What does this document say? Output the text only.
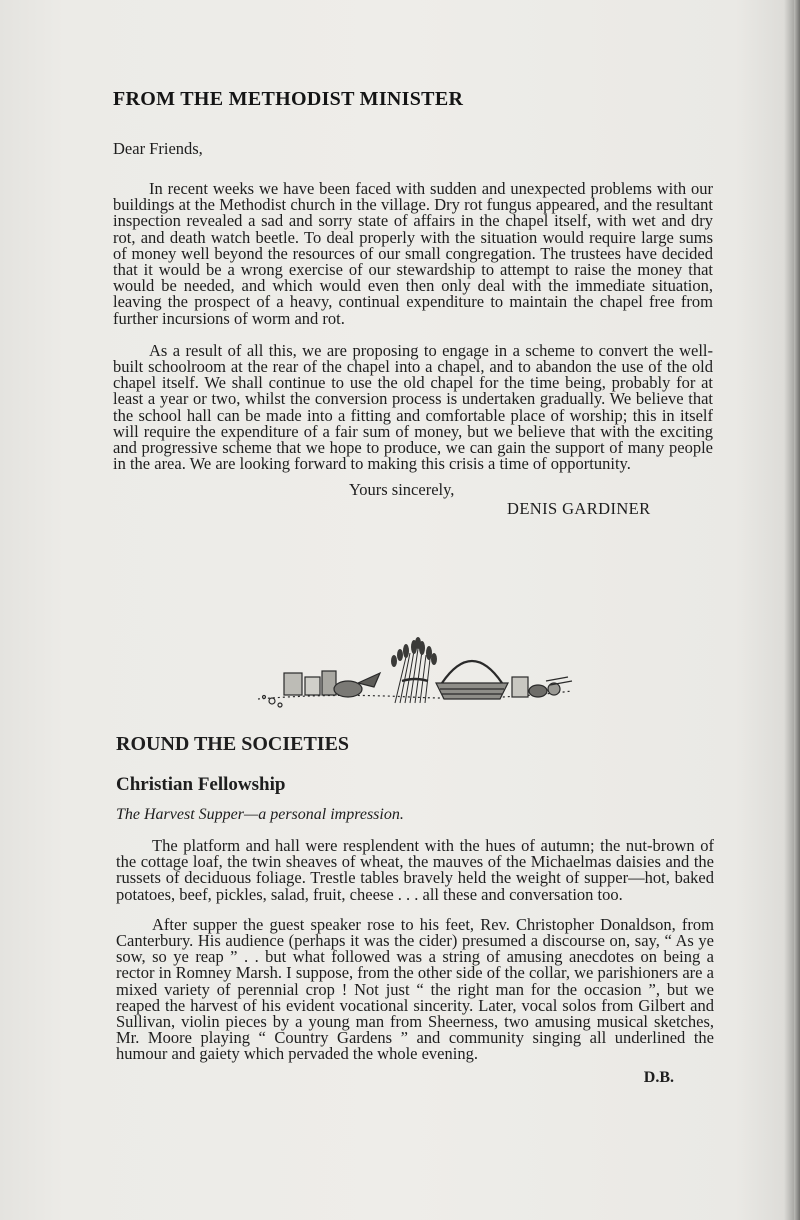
FROM THE METHODIST MINISTER
Dear Friends,

In recent weeks we have been faced with sudden and unexpected problems with our buildings at the Methodist church in the village. Dry rot fungus appeared, and the resultant inspection revealed a sad and sorry state of affairs in the chapel itself, with wet and dry rot, and death watch beetle. To deal properly with the situation would require large sums of money well beyond the resources of our small congregation. The trustees have decided that it would be a wrong exercise of our stewardship to attempt to raise the money that would be needed, and which would even then only deal with the immediate situation, leaving the prospect of a heavy, continual expenditure to maintain the chapel free from further incursions of worm and rot.

As a result of all this, we are proposing to engage in a scheme to convert the well-built schoolroom at the rear of the chapel into a chapel, and to abandon the use of the old chapel itself. We shall continue to use the old chapel for the time being, probably for at least a year or two, whilst the conversion process is undertaken gradually. We believe that the school hall can be made into a fitting and comfortable place of worship; this in itself will require the expenditure of a fair sum of money, but we believe that with the exciting and progressive scheme that we hope to produce, we can gain the support of many people in the area. We are looking forward to making this crisis a time of opportunity.

Yours sincerely,
DENIS GARDINER
ROUND THE SOCIETIES
Christian Fellowship
The Harvest Supper—a personal impression.

The platform and hall were resplendent with the hues of autumn; the nut-brown of the cottage loaf, the twin sheaves of wheat, the mauves of the Michaelmas daisies and the russets of deciduous foliage. Trestle tables bravely held the weight of supper—hot, baked potatoes, beef, pickles, salad, fruit, cheese . . . all these and conversation too.

After supper the guest speaker rose to his feet, Rev. Christopher Donaldson, from Canterbury. His audience (perhaps it was the cider) presumed a discourse on, say, “ As ye sow, so ye reap ” . . but what followed was a string of amusing anecdotes on being a rector in Romney Marsh. I suppose, from the other side of the collar, we parishioners are a mixed variety of perennial crop ! Not just “ the right man for the occasion ”, but we reaped the harvest of his evident vocational sincerity. Later, vocal solos from Gilbert and Sullivan, violin pieces by a young man from Sheerness, two amusing musical sketches, Mr. Moore playing “ Country Gardens ” and community singing all underlined the humour and gaiety which pervaded the whole evening.

D.B.
